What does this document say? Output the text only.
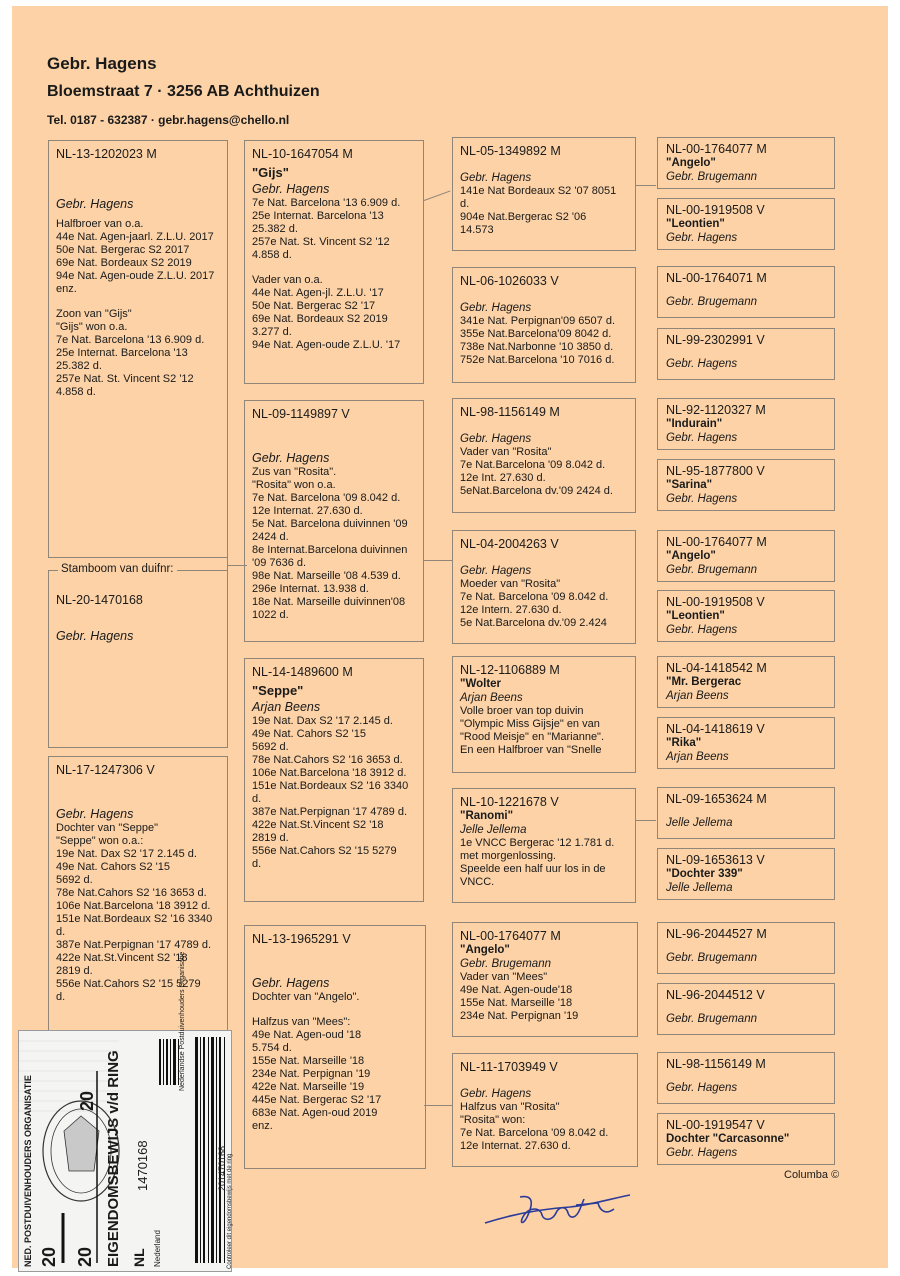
Gebr. Hagens
Bloemstraat 7 · 3256 AB Achthuizen
Tel. 0187 - 632387 · gebr.hagens@chello.nl
NL-13-1202023 M
Gebr. Hagens
Halfbroer van o.a.
44e Nat. Agen-jaarl. Z.L.U. 2017
50e Nat. Bergerac S2 2017
69e Nat. Bordeaux S2 2019
94e Nat. Agen-oude Z.L.U. 2017
enz.
Zoon van "Gijs"
"Gijs" won o.a.
7e Nat. Barcelona '13 6.909 d.
25e Internat. Barcelona '13
25.382 d.
257e Nat. St. Vincent S2 '12
4.858 d.
NL-20-1470168
Gebr. Hagens
Stamboom van duifnr:
NL-17-1247306 V
Gebr. Hagens
Dochter van "Seppe"
"Seppe" won o.a.:
19e Nat. Dax S2 '17 2.145 d.
49e Nat. Cahors S2 '15
5692 d.
78e Nat.Cahors S2 '16 3653 d.
106e Nat.Barcelona '18 3912 d.
151e Nat.Bordeaux S2 '16 3340
d.
387e Nat.Perpignan '17 4789 d.
422e Nat.St.Vincent S2 '18
2819 d.
556e Nat.Cahors S2 '15 5279
d.
NL-10-1647054 M
"Gijs"
Gebr. Hagens
7e Nat. Barcelona '13 6.909 d.
25e Internat. Barcelona '13
25.382 d.
257e Nat. St. Vincent S2 '12
4.858 d.
Vader van o.a.
44e Nat. Agen-jl. Z.L.U. '17
50e Nat. Bergerac S2 '17
69e Nat. Bordeaux S2 2019
3.277 d.
94e Nat. Agen-oude Z.L.U. '17
NL-09-1149897 V
Gebr. Hagens
Zus van "Rosita".
"Rosita" won o.a.
7e Nat. Barcelona '09 8.042 d.
12e Internat. 27.630 d.
5e Nat. Barcelona duivinnen '09
2424 d.
8e Internat.Barcelona duivinnen
'09 7636 d.
98e Nat. Marseille '08 4.539 d.
296e Internat. 13.938 d.
18e Nat. Marseille duivinnen'08
1022 d.
NL-14-1489600 M
"Seppe"
Arjan Beens
19e Nat. Dax S2 '17 2.145 d.
49e Nat. Cahors S2 '15
5692 d.
78e Nat.Cahors S2 '16 3653 d.
106e Nat.Barcelona '18 3912 d.
151e Nat.Bordeaux S2 '16 3340
d.
387e Nat.Perpignan '17 4789 d.
422e Nat.St.Vincent S2 '18
2819 d.
556e Nat.Cahors S2 '15 5279
d.
NL-13-1965291 V
Gebr. Hagens
Dochter van "Angelo".
Halfzus van "Mees":
49e Nat. Agen-oud '18
5.754 d.
155e Nat. Marseille '18
234e Nat. Perpignan '19
422e Nat. Marseille '19
445e Nat. Bergerac S2 '17
683e Nat. Agen-oud 2019
enz.
NL-05-1349892 M
Gebr. Hagens
141e Nat Bordeaux S2 '07 8051
d.
904e Nat.Bergerac S2 '06
14.573
NL-06-1026033 V
Gebr. Hagens
341e Nat. Perpignan'09 6507 d.
355e Nat.Barcelona'09 8042 d.
738e Nat.Narbonne '10 3850 d.
752e Nat.Barcelona '10 7016 d.
NL-98-1156149 M
Gebr. Hagens
Vader van "Rosita"
7e Nat.Barcelona '09 8.042 d.
12e Int. 27.630 d.
5eNat.Barcelona dv.'09 2424 d.
NL-04-2004263 V
Gebr. Hagens
Moeder van "Rosita"
7e Nat. Barcelona '09 8.042 d.
12e Intern. 27.630 d.
5e Nat.Barcelona dv.'09 2.424
NL-12-1106889 M
"Wolter
Arjan Beens
Volle broer van top duivin
"Olympic Miss Gijsje" en van
"Rood Meisje" en "Marianne".
En een Halfbroer van "Snelle
NL-10-1221678 V
"Ranomi"
Jelle Jellema
1e VNCC Bergerac '12 1.781 d.
met morgenlossing.
Speelde een half uur los in de
VNCC.
NL-00-1764077 M
"Angelo"
Gebr. Brugemann
Vader van "Mees"
49e Nat. Agen-oude'18
155e Nat. Marseille '18
234e Nat. Perpignan '19
NL-11-1703949 V
Gebr. Hagens
Halfzus van "Rosita"
"Rosita" won:
7e Nat. Barcelona '09 8.042 d.
12e Internat. 27.630 d.
NL-00-1764077 M
"Angelo"
Gebr. Brugemann
NL-00-1919508 V
"Leontien"
Gebr. Hagens
NL-00-1764071 M
Gebr. Brugemann
NL-99-2302991 V
Gebr. Hagens
NL-92-1120327 M
"Indurain"
Gebr. Hagens
NL-95-1877800 V
"Sarina"
Gebr. Hagens
NL-00-1764077 M
"Angelo"
Gebr. Brugemann
NL-00-1919508 V
"Leontien"
Gebr. Hagens
NL-04-1418542 M
"Mr. Bergerac
Arjan Beens
NL-04-1418619 V
"Rika"
Arjan Beens
NL-09-1653624 M
Jelle Jellema
NL-09-1653613 V
"Dochter 339"
Jelle Jellema
NL-96-2044527 M
Gebr. Brugemann
NL-96-2044512 V
Gebr. Brugemann
NL-98-1156149 M
Gebr. Hagens
NL-00-1919547 V
Dochter "Carcasonne"
Gebr. Hagens
Columba ©
NED. POSTDUIVENHOUDERS ORGANISATIE	EIGENDOMSBEWIJS v/d RING
20
20 20	NL
1470168
Nederland
201470168 Controleer dit eigendomsbewijs met de ring
Nederlandse Postduivenhouders Organisatie
